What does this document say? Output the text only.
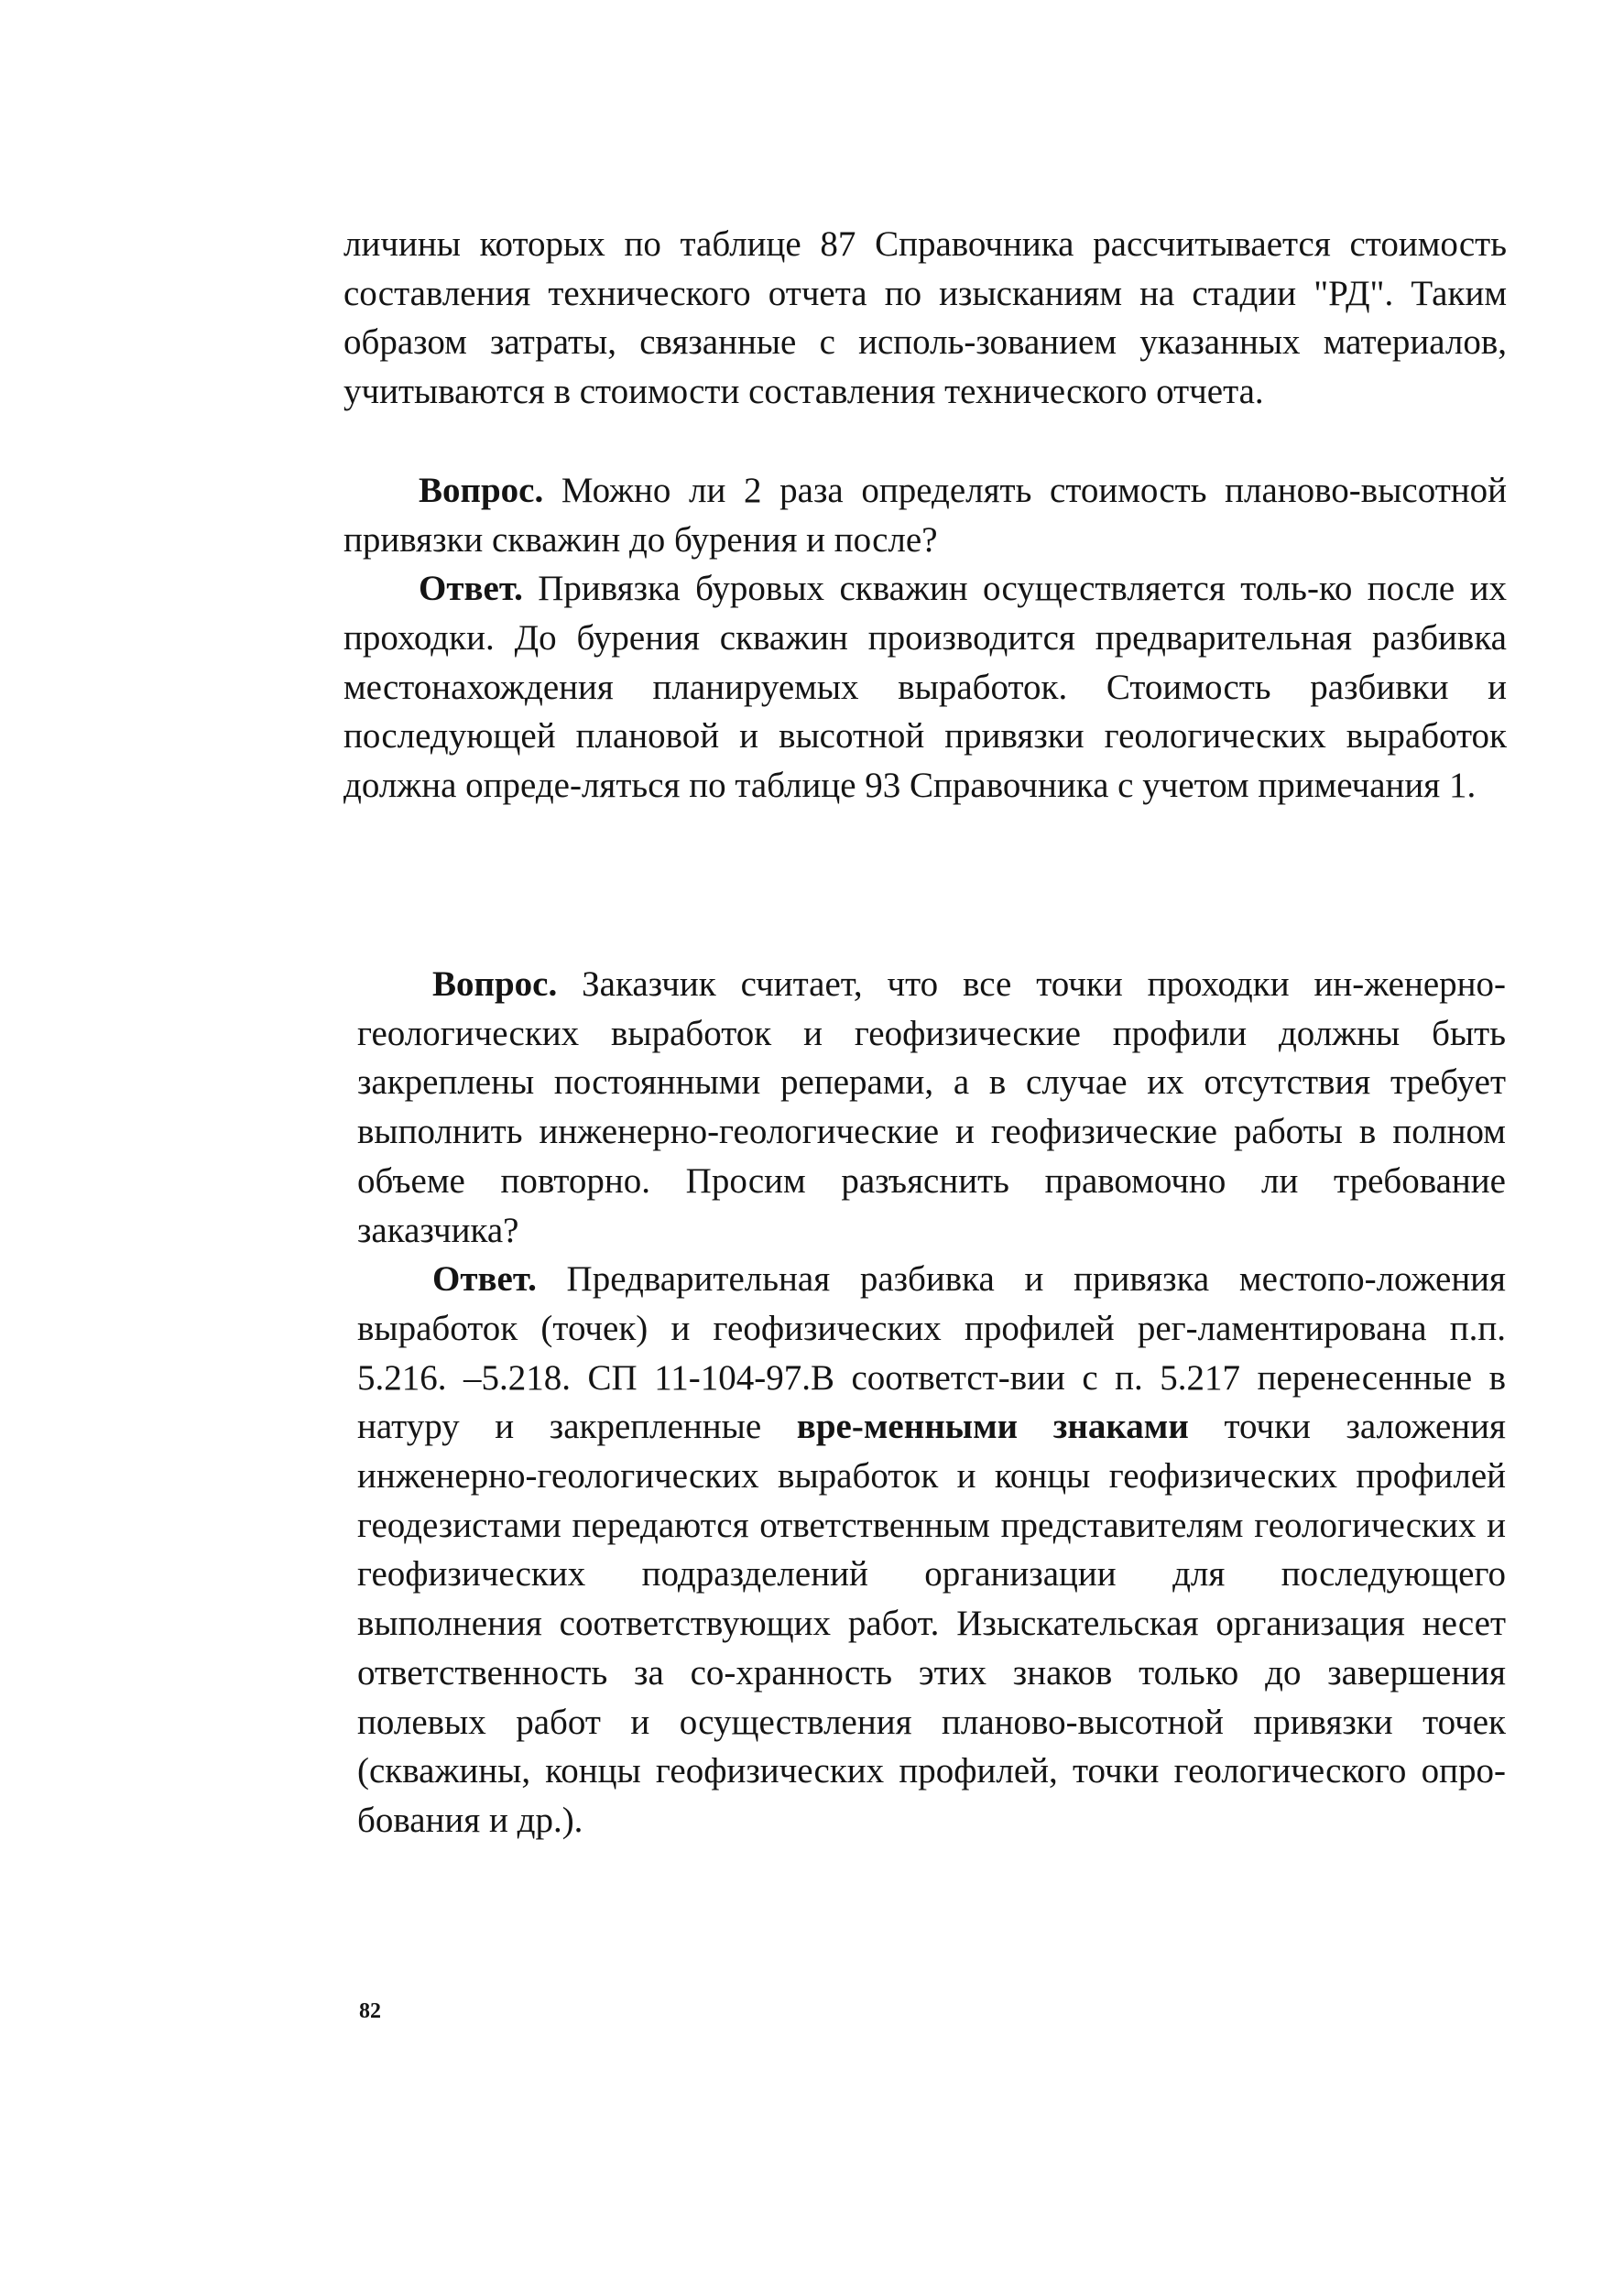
личины которых по таблице 87 Справочника рассчитывается стоимость составления технического отчета по изысканиям на стадии "РД". Таким образом затраты, связанные с исполь-зованием указанных материалов, учитываются в стоимости составления технического отчета.

Вопрос. Можно ли 2 раза определять стоимость планово-высотной привязки скважин до бурения и после?

Ответ. Привязка буровых скважин осуществляется толь-ко после их проходки. До бурения скважин производится предварительная разбивка местонахождения планируемых выработок. Стоимость разбивки и последующей плановой и высотной привязки геологических выработок должна опреде-ляться по таблице 93 Справочника с учетом примечания 1.

Вопрос. Заказчик считает, что все точки проходки ин-женерно-геологических выработок и геофизические профили должны быть закреплены постоянными реперами, а в случае их отсутствия требует выполнить инженерно-геологические и геофизические работы в полном объеме повторно. Просим разъяснить правомочно ли требование заказчика?

Ответ. Предварительная разбивка и привязка местопо-ложения выработок (точек) и геофизических профилей рег-ламентирована п.п. 5.216. –5.218. СП 11-104-97.В соответст-вии с п. 5.217 перенесенные в натуру и закрепленные вре-менными знаками точки заложения инженерно-геологических выработок и концы геофизических профилей геодезистами передаются ответственным представителям геологических и геофизических подразделений организации для последующего выполнения соответствующих работ. Изыскательская организация несет ответственность за со-хранность этих знаков только до завершения полевых работ и осуществления планово-высотной привязки точек (скважины, концы геофизических профилей, точки геологического опро-бования и др.).

82
